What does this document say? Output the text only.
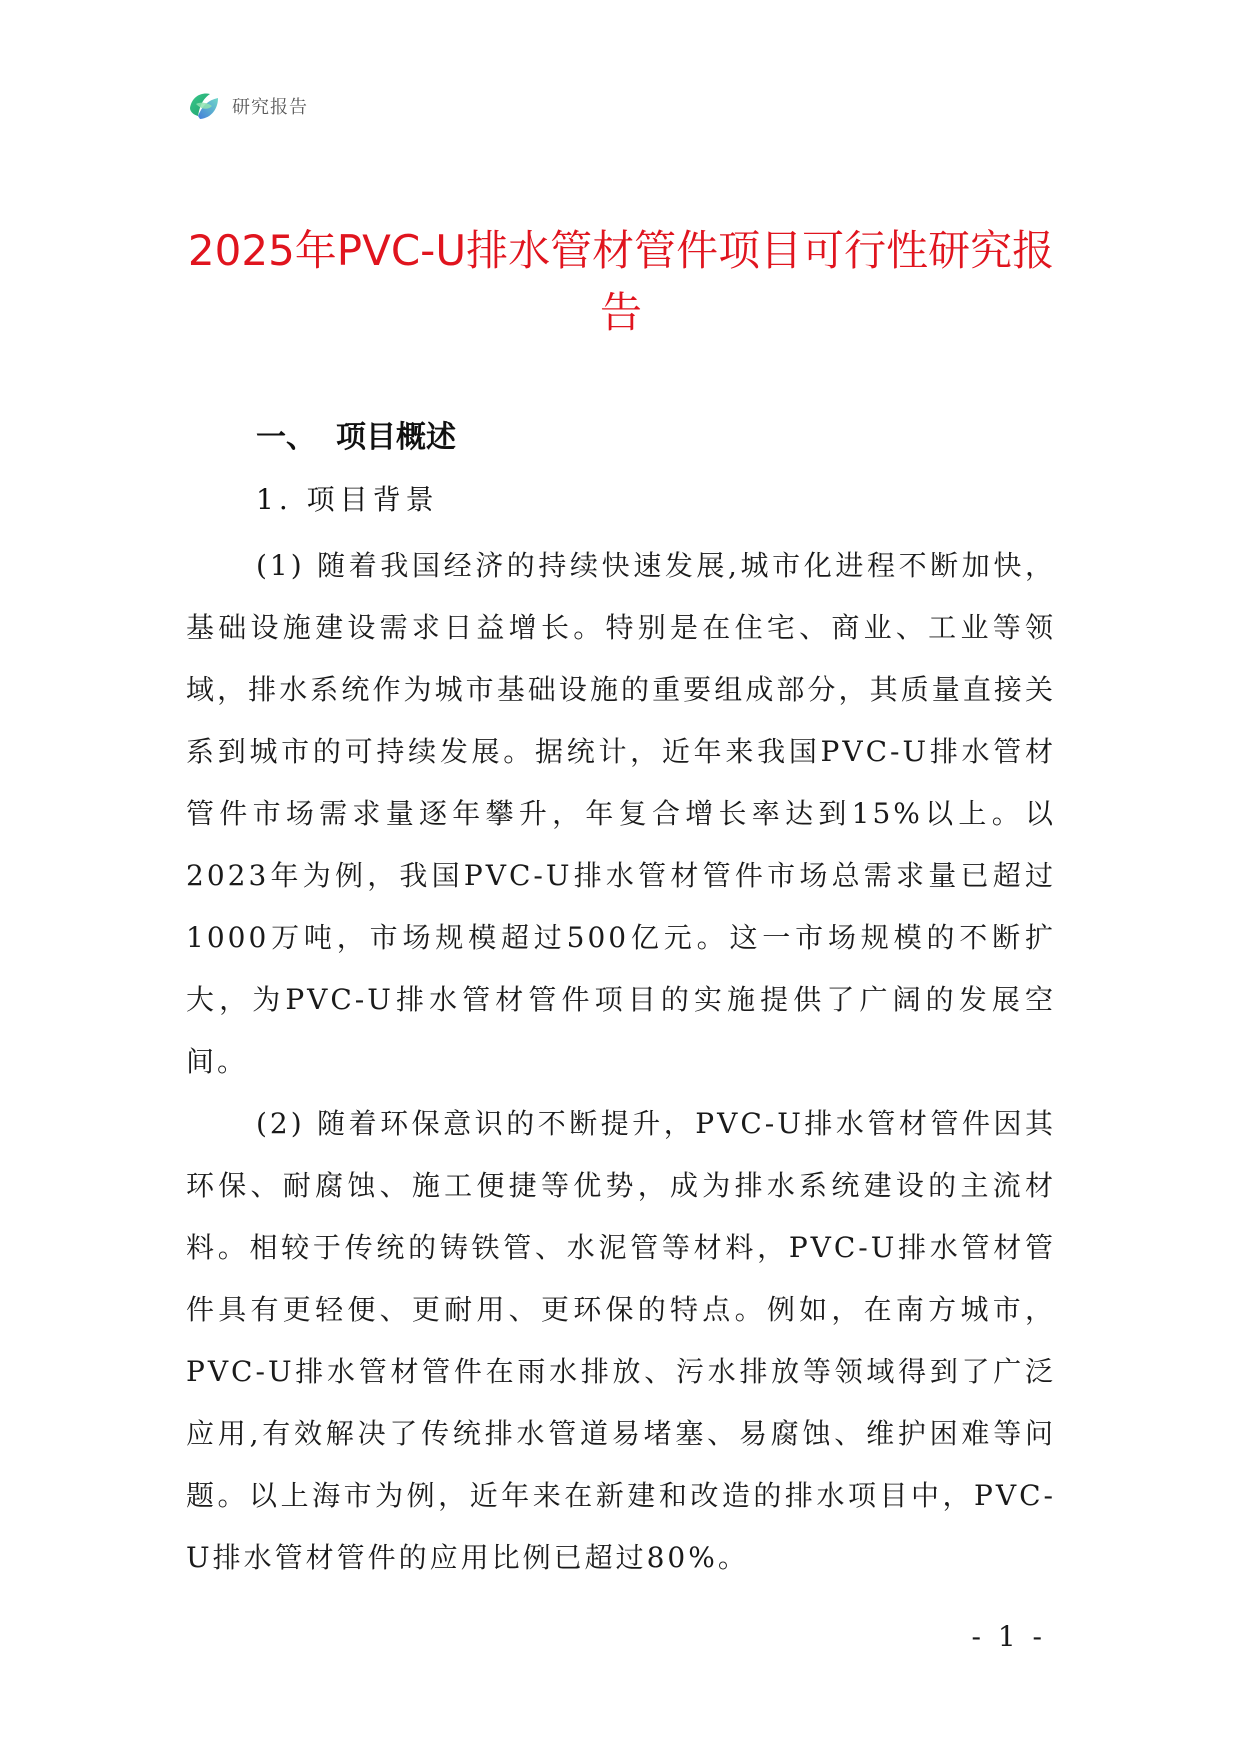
研究报告
2025年PVC-U排水管材管件项目可行性研究报告
一、 项目概述
1. 项目背景

(1) 随着我国经济的持续快速发展,城市化进程不断加快，基础设施建设需求日益增长。特别是在住宅、商业、工业等领域，排水系统作为城市基础设施的重要组成部分，其质量直接关系到城市的可持续发展。据统计，近年来我国PVC-U排水管材管件市场需求量逐年攀升，年复合增长率达到15%以上。以2023年为例，我国PVC-U排水管材管件市场总需求量已超过1000万吨，市场规模超过500亿元。这一市场规模的不断扩大，为PVC-U排水管材管件项目的实施提供了广阔的发展空间。

(2) 随着环保意识的不断提升，PVC-U排水管材管件因其环保、耐腐蚀、施工便捷等优势，成为排水系统建设的主流材料。相较于传统的铸铁管、水泥管等材料，PVC-U排水管材管件具有更轻便、更耐用、更环保的特点。例如，在南方城市，PVC-U排水管材管件在雨水排放、污水排放等领域得到了广泛应用,有效解决了传统排水管道易堵塞、易腐蚀、维护困难等问题。以上海市为例，近年来在新建和改造的排水项目中，PVC-U排水管材管件的应用比例已超过80%。

- 1 -
